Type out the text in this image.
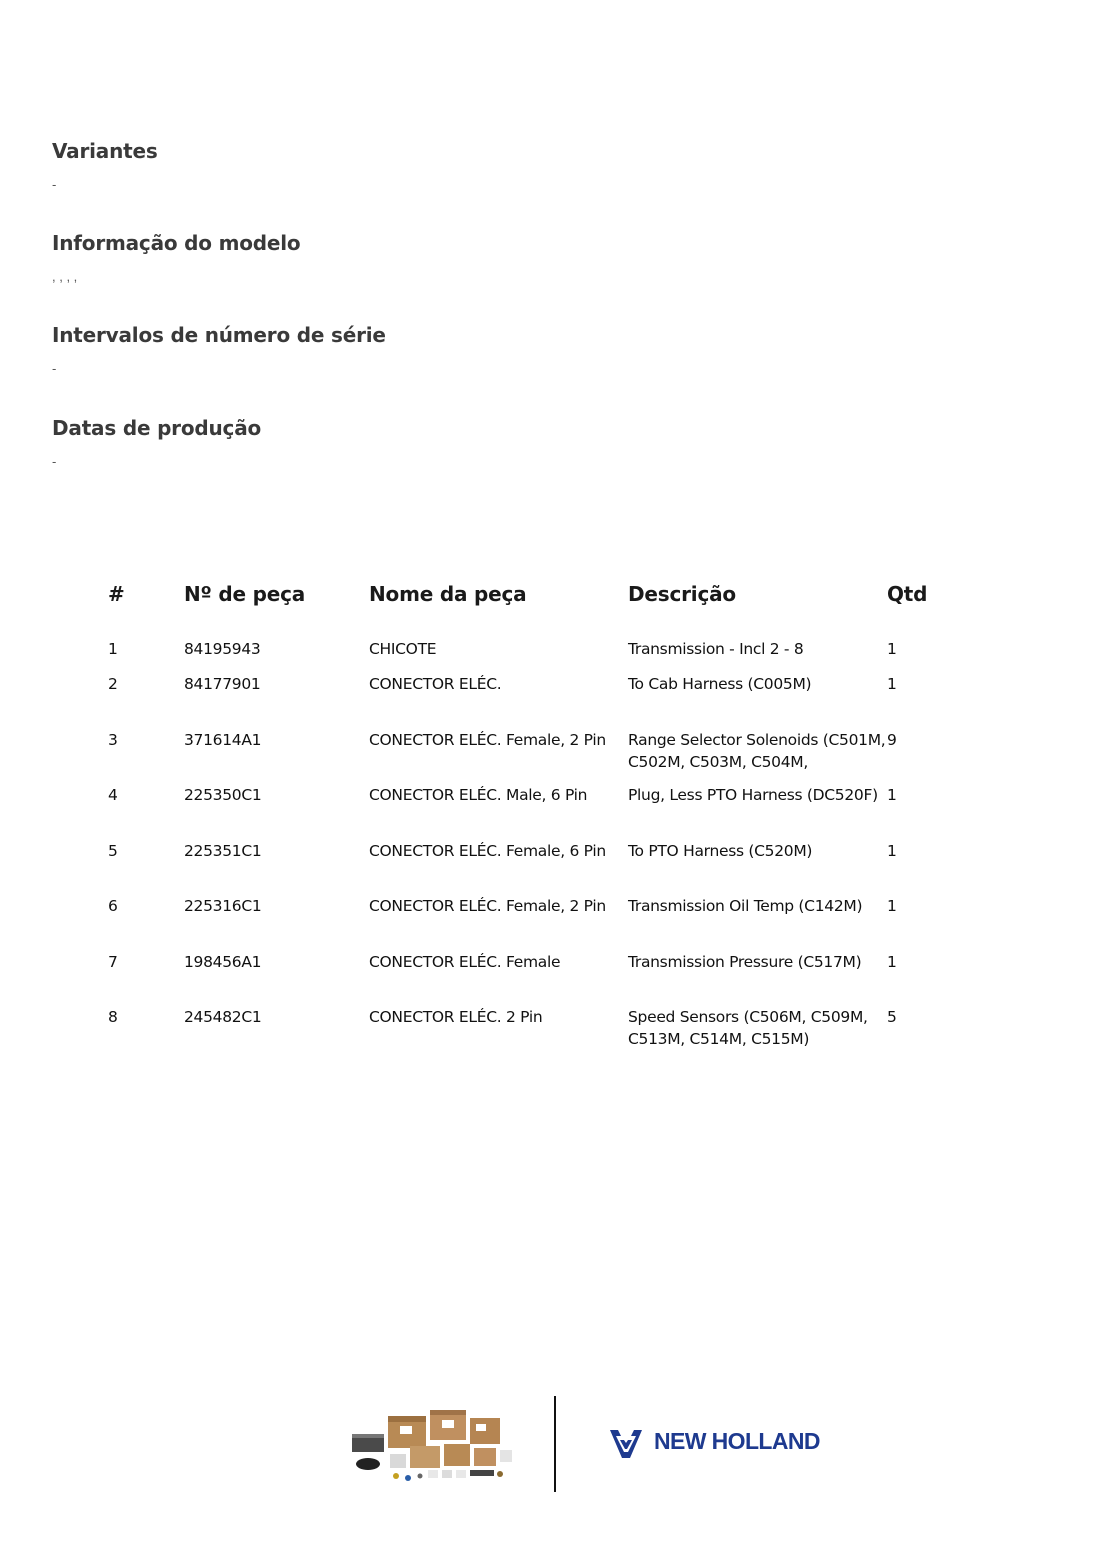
Variantes
-
Informação do modelo
, , , ,
Intervalos de número de série
-
Datas de produção
-
#	Nº de peça	Nome da peça	Descrição	Qtd
1	84195943	CHICOTE	Transmission - Incl 2 - 8	1
2	84177901	CONECTOR ELÉC.	To Cab Harness (C005M)	1
3	371614A1	CONECTOR ELÉC. Female, 2 Pin	Range Selector Solenoids (C501M, C502M, C503M, C504M,	9
4	225350C1	CONECTOR ELÉC. Male, 6 Pin	Plug, Less PTO Harness (DC520F)	1
5	225351C1	CONECTOR ELÉC. Female, 6 Pin	To PTO Harness (C520M)	1
6	225316C1	CONECTOR ELÉC. Female, 2 Pin	Transmission Oil Temp (C142M)	1
7	198456A1	CONECTOR ELÉC. Female	Transmission Pressure (C517M)	1
8	245482C1	CONECTOR ELÉC. 2 Pin	Speed Sensors (C506M, C509M, C513M, C514M, C515M)	5
NEW HOLLAND
